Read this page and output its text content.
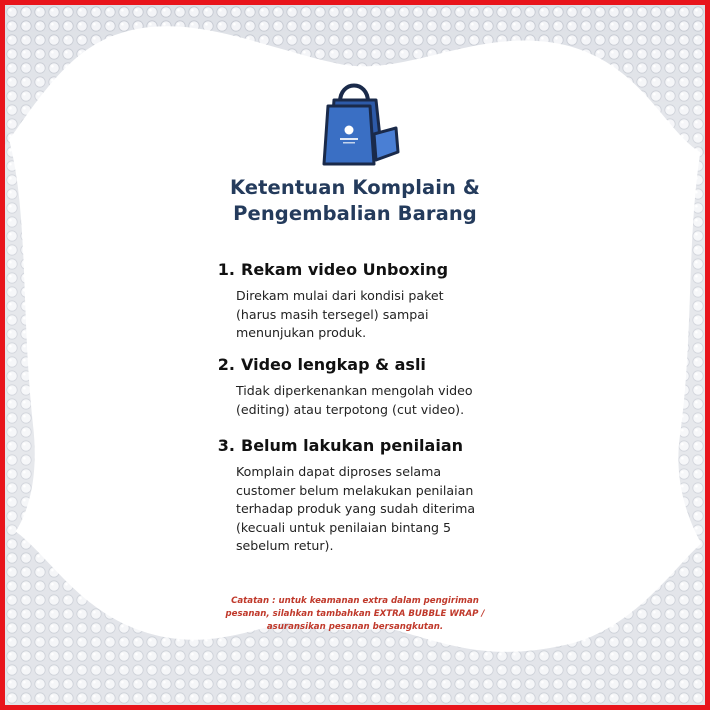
Ketentuan Komplain &
Pengembalian Barang
1. Rekam video Unboxing
Direkam mulai dari kondisi paket
(harus masih tersegel) sampai
menunjukan produk.
2. Video lengkap & asli
Tidak diperkenankan mengolah video
(editing) atau terpotong (cut video).
3. Belum lakukan penilaian
Komplain dapat diproses selama
customer belum melakukan penilaian
terhadap produk yang sudah diterima
(kecuali untuk penilaian bintang 5
sebelum retur).
Catatan : untuk keamanan extra dalam pengiriman
pesanan, silahkan tambahkan EXTRA BUBBLE WRAP /
asuransikan pesanan bersangkutan.
